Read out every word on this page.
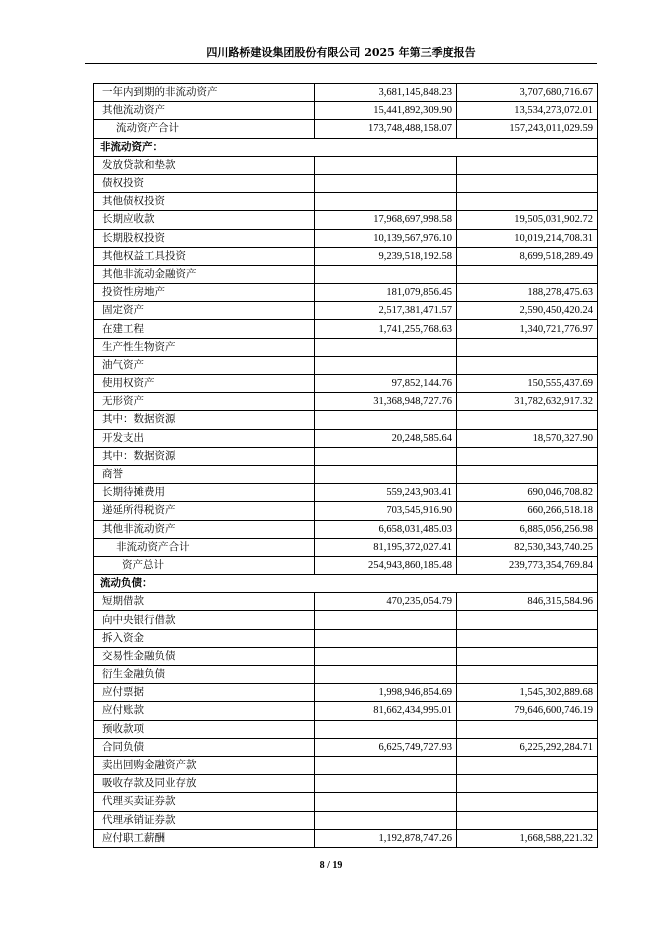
四川路桥建设集团股份有限公司 2025 年第三季度报告
一年内到期的非流动资产	3,681,145,848.23	3,707,680,716.67
其他流动资产	15,441,892,309.90	13,534,273,072.01
流动资产合计	173,748,488,158.07	157,243,011,029.59
非流动资产：		
发放贷款和垫款		
债权投资		
其他债权投资		
长期应收款	17,968,697,998.58	19,505,031,902.72
长期股权投资	10,139,567,976.10	10,019,214,708.31
其他权益工具投资	9,239,518,192.58	8,699,518,289.49
其他非流动金融资产		
投资性房地产	181,079,856.45	188,278,475.63
固定资产	2,517,381,471.57	2,590,450,420.24
在建工程	1,741,255,768.63	1,340,721,776.97
生产性生物资产		
油气资产		
使用权资产	97,852,144.76	150,555,437.69
无形资产	31,368,948,727.76	31,782,632,917.32
其中：数据资源		
开发支出	20,248,585.64	18,570,327.90
其中：数据资源		
商誉		
长期待摊费用	559,243,903.41	690,046,708.82
递延所得税资产	703,545,916.90	660,266,518.18
其他非流动资产	6,658,031,485.03	6,885,056,256.98
非流动资产合计	81,195,372,027.41	82,530,343,740.25
资产总计	254,943,860,185.48	239,773,354,769.84
流动负债：		
短期借款	470,235,054.79	846,315,584.96
向中央银行借款		
拆入资金		
交易性金融负债		
衍生金融负债		
应付票据	1,998,946,854.69	1,545,302,889.68
应付账款	81,662,434,995.01	79,646,600,746.19
预收款项		
合同负债	6,625,749,727.93	6,225,292,284.71
卖出回购金融资产款		
吸收存款及同业存放		
代理买卖证券款		
代理承销证券款		
应付职工薪酬	1,192,878,747.26	1,668,588,221.32
8 / 19
